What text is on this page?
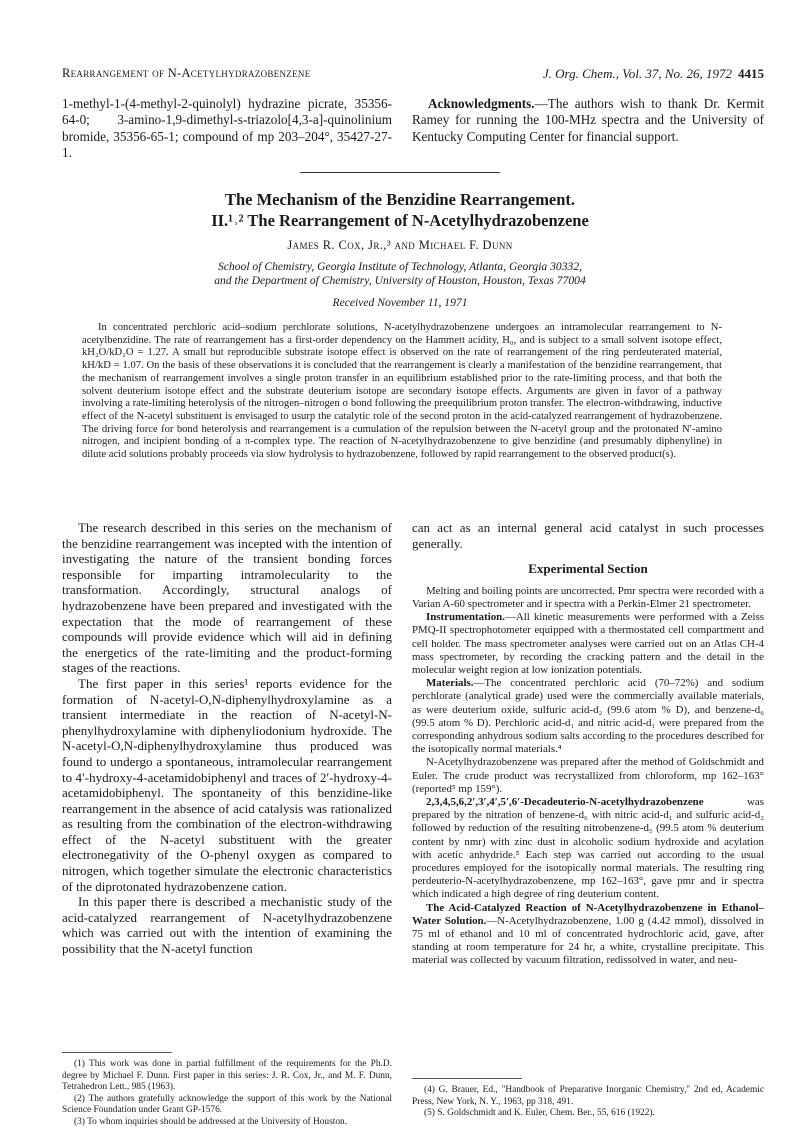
Rearrangement of N-Acetylhydrazobenzene	J. Org. Chem., Vol. 37, No. 26, 1972 4415

1-methyl-1-(4-methyl-2-quinolyl) hydrazine picrate, 35356-64-0; 3-amino-1,9-dimethyl-s-triazolo[4,3-a]-quinolinium bromide, 35356-65-1; compound of mp 203–204°, 35427-27-1.

Acknowledgments.—The authors wish to thank Dr. Kermit Ramey for running the 100-MHz spectra and the University of Kentucky Computing Center for financial support.

The Mechanism of the Benzidine Rearrangement.
II.¹˒² The Rearrangement of N-Acetylhydrazobenzene
James R. Cox, Jr.,³ and Michael F. Dunn
School of Chemistry, Georgia Institute of Technology, Atlanta, Georgia 30332,
and the Department of Chemistry, University of Houston, Houston, Texas 77004
Received November 11, 1971

In concentrated perchloric acid–sodium perchlorate solutions, N-acetylhydrazobenzene undergoes an intramolecular rearrangement to N-acetylbenzidine. The rate of rearrangement has a first-order dependency on the Hammett acidity, H₀, and is subject to a small solvent isotope effect, kH₂O/kD₂O = 1.27. A small but reproducible substrate isotope effect is observed on the rate of rearrangement of the ring perdeuterated material, kH/kD = 1.07. On the basis of these observations it is concluded that the rearrangement is clearly a manifestation of the benzidine rearrangement, that the mechanism of rearrangement involves a single proton transfer in an equilibrium established prior to the rate-limiting process, and that both the solvent deuterium isotope effect and the substrate deuterium isotope are secondary isotope effects. Arguments are given in favor of a pathway involving a rate-limiting heterolysis of the nitrogen–nitrogen σ bond following the preequilibrium proton transfer. The electron-withdrawing, inductive effect of the N-acetyl substituent is envisaged to usurp the catalytic role of the second proton in the acid-catalyzed rearrangement of hydrazobenzene. The driving force for bond heterolysis and rearrangement is a cumulation of the repulsion between the N-acetyl group and the protonated N′-amino nitrogen, and incipient bonding of a π-complex type. The reaction of N-acetylhydrazobenzene to give benzidine (and presumably diphenyline) in dilute acid solutions probably proceeds via slow hydrolysis to hydrazobenzene, followed by rapid rearrangement to the observed product(s).

The research described in this series on the mechanism of the benzidine rearrangement was incepted with the intention of investigating the nature of the transient bonding forces responsible for imparting intramolecularity to the transformation. Accordingly, structural analogs of hydrazobenzene have been prepared and investigated with the expectation that the mode of rearrangement of these compounds will provide evidence which will aid in defining the energetics of the rate-limiting and the product-forming stages of the reactions.

The first paper in this series¹ reports evidence for the formation of N-acetyl-O,N-diphenylhydroxylamine as a transient intermediate in the reaction of N-acetyl-N-phenylhydroxylamine with diphenyliodonium hydroxide. The N-acetyl-O,N-diphenylhydroxylamine thus produced was found to undergo a spontaneous, intramolecular rearrangement to 4′-hydroxy-4-acetamidobiphenyl and traces of 2′-hydroxy-4-acetamidobiphenyl. The spontaneity of this benzidine-like rearrangement in the absence of acid catalysis was rationalized as resulting from the combination of the electron-withdrawing effect of the N-acetyl substituent with the greater electronegativity of the O-phenyl oxygen as compared to nitrogen, which together simulate the electronic characteristics of the diprotonated hydrazobenzene cation.

In this paper there is described a mechanistic study of the acid-catalyzed rearrangement of N-acetylhydrazobenzene which was carried out with the intention of examining the possibility that the N-acetyl function

(1) This work was done in partial fulfillment of the requirements for the Ph.D. degree by Michael F. Dunn. First paper in this series: J. R. Cox, Jr., and M. F. Dunn, Tetrahedron Lett., 985 (1963).

(2) The authors gratefully acknowledge the support of this work by the National Science Foundation under Grant GP-1576.

(3) To whom inquiries should be addressed at the University of Houston.

can act as an internal general acid catalyst in such processes generally.

Experimental Section

Melting and boiling points are uncorrected. Pmr spectra were recorded with a Varian A-60 spectrometer and ir spectra with a Perkin-Elmer 21 spectrometer.

Instrumentation.—All kinetic measurements were performed with a Zeiss PMQ-II spectrophotometer equipped with a thermostated cell compartment and cell holder. The mass spectrometer analyses were carried out on an Atlas CH-4 mass spectrometer, by recording the cracking pattern and the detail in the molecular weight region at low ionization potentials.

Materials.—The concentrated perchloric acid (70–72%) and sodium perchlorate (analytical grade) used were the commercially available materials, as were deuterium oxide, sulfuric acid-d₂ (99.6 atom % D), and benzene-d₆ (99.5 atom % D). Perchloric acid-d₁ and nitric acid-d₁ were prepared from the corresponding anhydrous sodium salts according to the procedures described for the isotopically normal materials.⁴

N-Acetylhydrazobenzene was prepared after the method of Goldschmidt and Euler. The crude product was recrystallized from chloroform, mp 162–163° (reported⁵ mp 159°).

2,3,4,5,6,2′,3′,4′,5′,6′-Decadeuterio-N-acetylhydrazobenzene was prepared by the nitration of benzene-d₆ with nitric acid-d₁ and sulfuric acid-d₂ followed by reduction of the resulting nitrobenzene-d₅ (99.5 atom % deuterium content by nmr) with zinc dust in alcoholic sodium hydroxide and acylation with acetic anhydride.⁵ Each step was carried out according to the usual procedures employed for the isotopically normal materials. The resulting ring perdeuterio-N-acetylhydrazobenzene, mp 162–163°, gave pmr and ir spectra which indicated a high degree of ring deuterium content.

The Acid-Catalyzed Reaction of N-Acetylhydrazobenzene in Ethanol–Water Solution.—N-Acetylhydrazobenzene, 1.00 g (4.42 mmol), dissolved in 75 ml of ethanol and 10 ml of concentrated hydrochloric acid, gave, after standing at room temperature for 24 hr, a white, crystalline precipitate. This material was collected by vacuum filtration, redissolved in water, and neu-

(4) G. Brauer, Ed., "Handbook of Preparative Inorganic Chemistry," 2nd ed, Academic Press, New York, N. Y., 1963, pp 318, 491.

(5) S. Goldschmidt and K. Euler, Chem. Ber., 55, 616 (1922).
